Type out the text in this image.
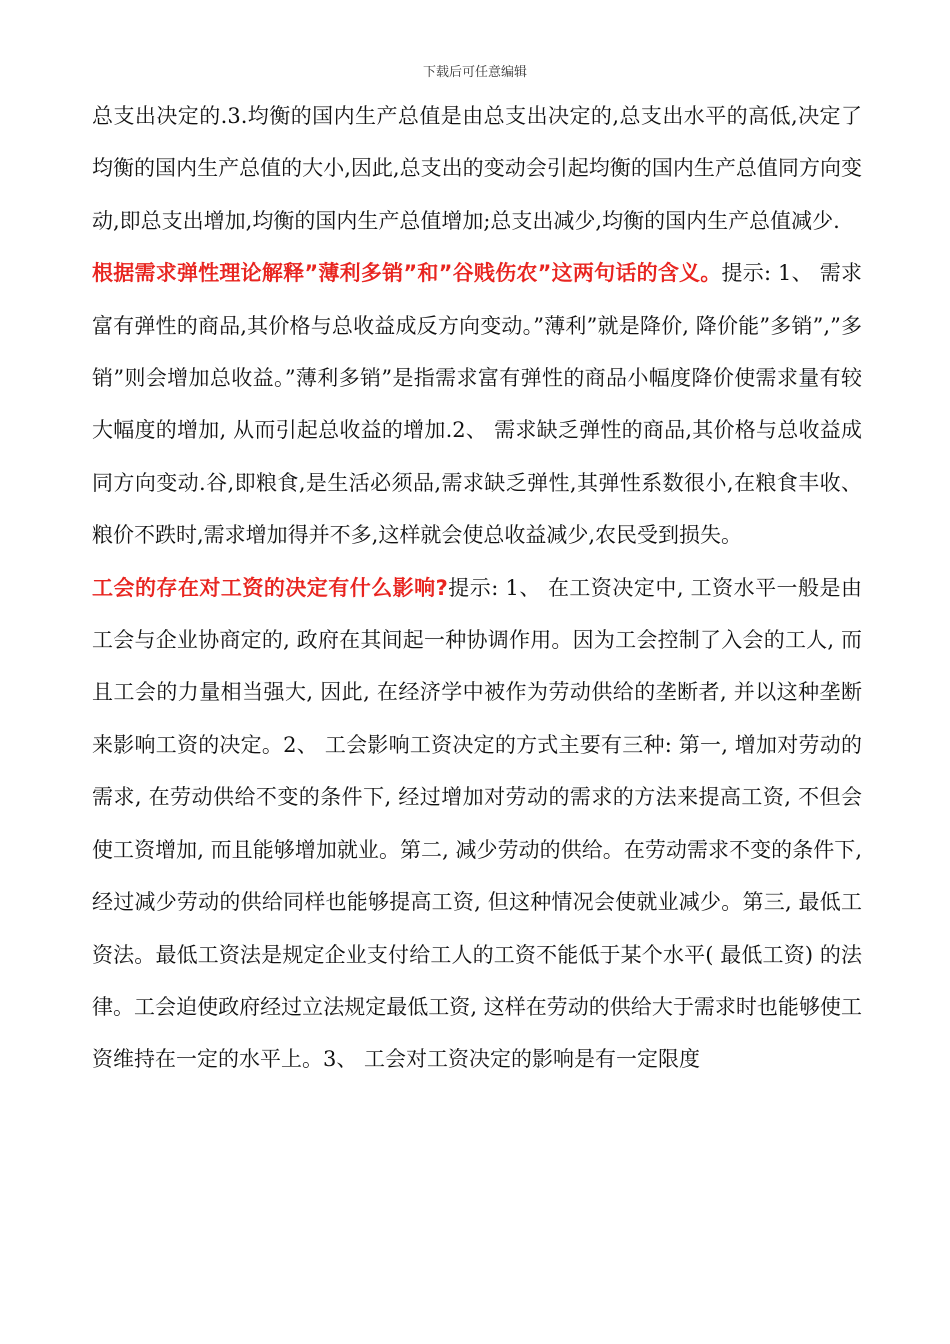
下载后可任意编辑

总支出决定的.3.均衡的国内生产总值是由总支出决定的,总支出水平的高低,决定了均衡的国内生产总值的大小,因此,总支出的变动会引起均衡的国内生产总值同方向变动,即总支出增加,均衡的国内生产总值增加;总支出减少,均衡的国内生产总值减少.

根据需求弹性理论解释”薄利多销”和”谷贱伤农”这两句话的含义。提示: 1、 需求富有弹性的商品,其价格与总收益成反方向变动。”薄利”就是降价, 降价能”多销”,”多销”则会增加总收益。”薄利多销”是指需求富有弹性的商品小幅度降价使需求量有较大幅度的增加, 从而引起总收益的增加.2、 需求缺乏弹性的商品,其价格与总收益成同方向变动.谷,即粮食,是生活必须品,需求缺乏弹性,其弹性系数很小,在粮食丰收、 粮价不跌时,需求增加得并不多,这样就会使总收益减少,农民受到损失。

工会的存在对工资的决定有什么影响?提示: 1、 在工资决定中, 工资水平一般是由工会与企业协商定的, 政府在其间起一种协调作用。因为工会控制了入会的工人, 而且工会的力量相当强大, 因此, 在经济学中被作为劳动供给的垄断者, 并以这种垄断来影响工资的决定。2、 工会影响工资决定的方式主要有三种: 第一, 增加对劳动的需求, 在劳动供给不变的条件下, 经过增加对劳动的需求的方法来提高工资, 不但会使工资增加, 而且能够增加就业。第二, 减少劳动的供给。在劳动需求不变的条件下, 经过减少劳动的供给同样也能够提高工资, 但这种情况会使就业减少。第三, 最低工资法。最低工资法是规定企业支付给工人的工资不能低于某个水平( 最低工资) 的法律。工会迫使政府经过立法规定最低工资, 这样在劳动的供给大于需求时也能够使工资维持在一定的水平上。3、 工会对工资决定的影响是有一定限度
